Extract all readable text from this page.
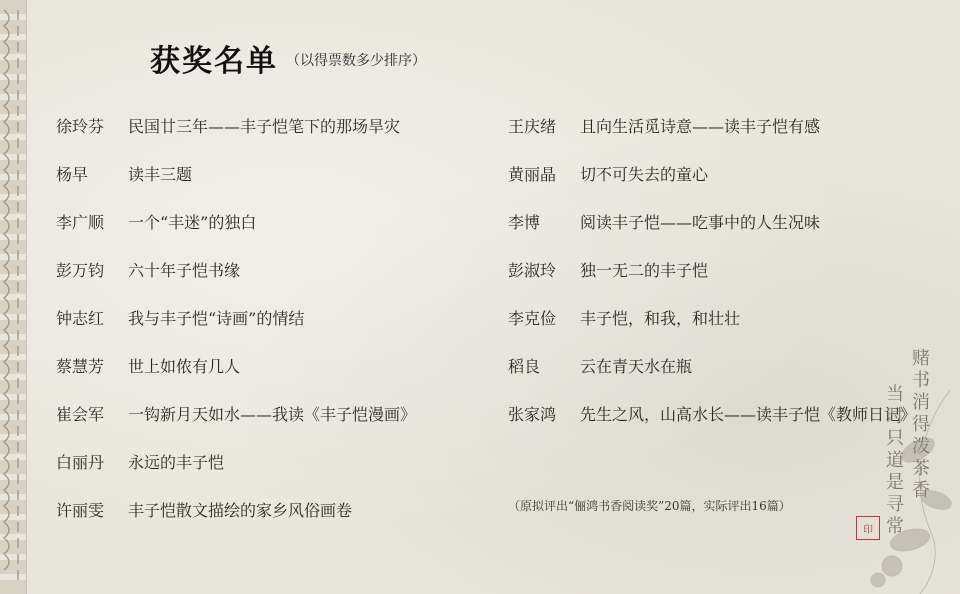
获奖名单 （以得票数多少排序）
徐玲芬 民国廿三年——丰子恺笔下的那场旱灾
杨早 读丰三题
李广顺 一个“丰迷”的独白
彭万钧 六十年子恺书缘
钟志红 我与丰子恺“诗画”的情结
蔡慧芳 世上如侬有几人
崔会军 一钩新月天如水——我读《丰子恺漫画》
白丽丹 永远的丰子恺
许丽雯 丰子恺散文描绘的家乡风俗画卷
王庆绪 且向生活觅诗意——读丰子恺有感
黄丽晶 切不可失去的童心
李博 阅读丰子恺——吃事中的人生况味
彭淑玲 独一无二的丰子恺
李克俭 丰子恺，和我，和壮壮
稻良 云在青天水在瓶
张家鸿 先生之风，山高水长——读丰子恺《教师日记》
（原拟评出“俪鸿书香阅读奖”20篇，实际评出16篇）
赌书消得泼茶香
当时只道是寻常
印
